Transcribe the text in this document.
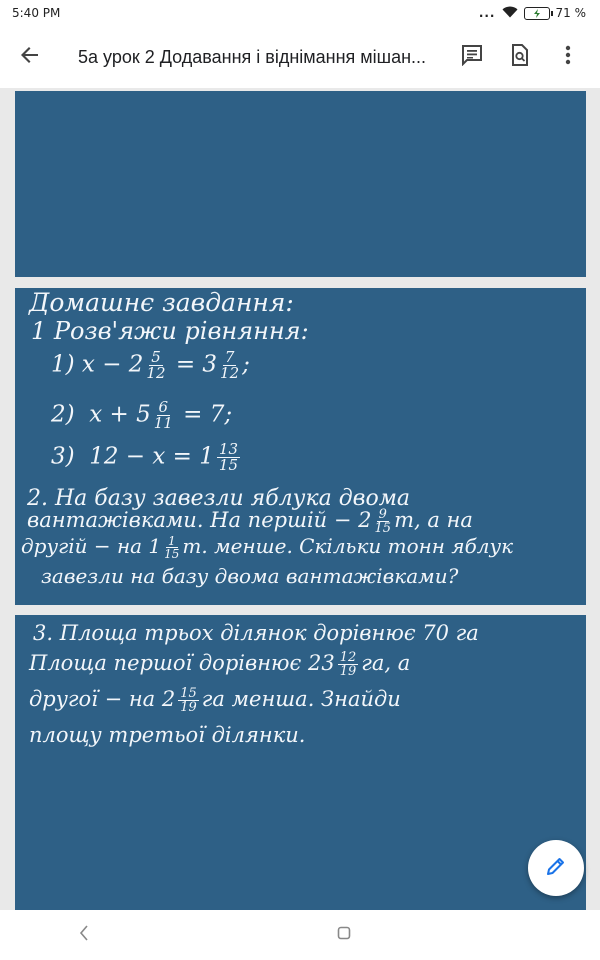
5:40 PM	...	71 %
5а урок 2 Додавання і віднімання мішан...
Домашнє завдання:
1 Розв'яжи рівняння:
1) $x - 2 \frac{5}{12} = 3 \frac{7}{12}$ ;
2) $x + 5 \frac{6}{11} = 7$;
3) $12 - x = 1 \frac{13}{15}$
2. На базу завезли яблука двома
вантажівками. На першій − $2 \frac{9}{15} т$, а на
другій − на $1 \frac{1}{15} т$. менше. Скільки тонн яблук
завезли на базу двома вантажівками?
3. Площа трьох ділянок дорівнює 70 га
Площа першої дорівнює $23 \frac{12}{19}$ га, а
другої − на $2 \frac{15}{19}$ га менша. Знайди
площу третьої ділянки.
